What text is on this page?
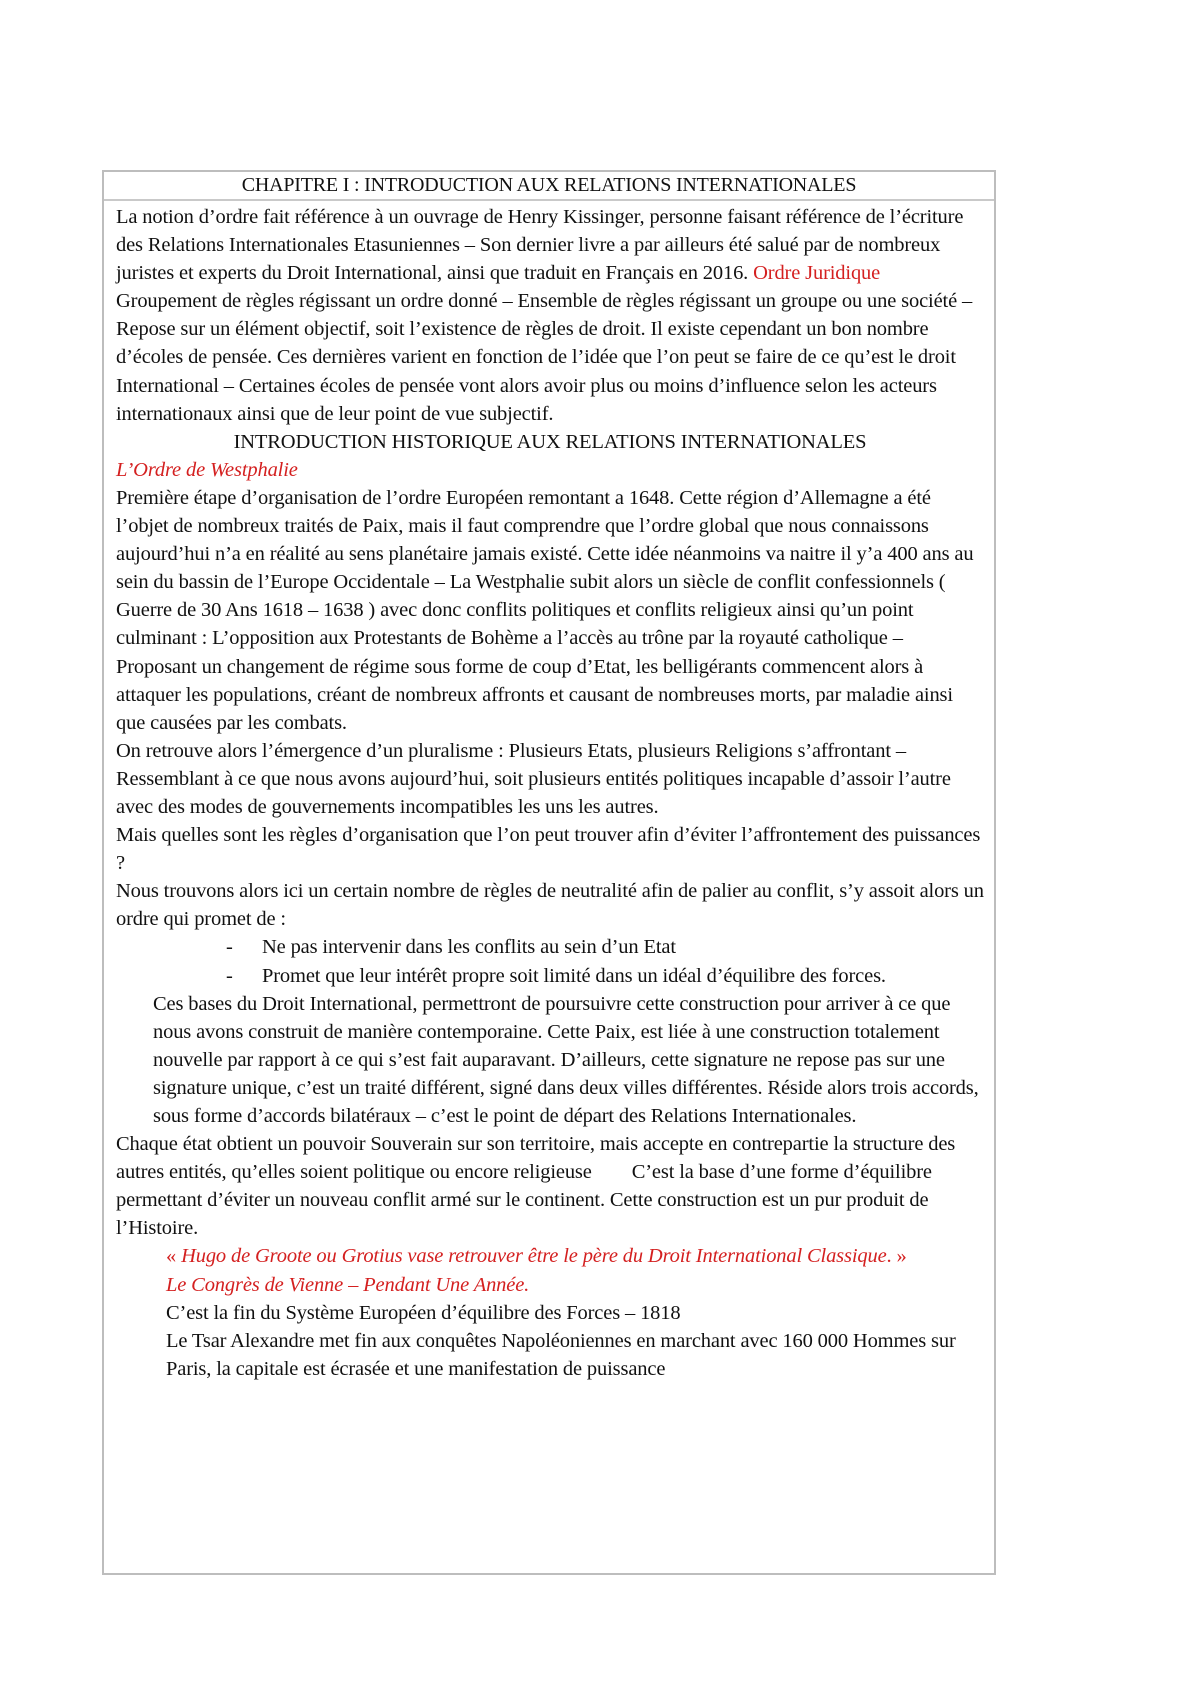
CHAPITRE I : INTRODUCTION AUX RELATIONS INTERNATIONALES

La notion d’ordre fait référence à un ouvrage de Henry Kissinger, personne faisant référence de l’écriture des Relations Internationales Etasuniennes – Son dernier livre a par ailleurs été salué par de nombreux juristes et experts du Droit International, ainsi que traduit en Français en 2016. Ordre JuridiqueGroupement de règles régissant un ordre donné – Ensemble de règles régissant un groupe ou une société – Repose sur un élément objectif, soit l’existence de règles de droit. Il existe cependant un bon nombre d’écoles de pensée. Ces dernières varient en fonction de l’idée que l’on peut se faire de ce qu’est le droit International – Certaines écoles de pensée vont alors avoir plus ou moins d’influence selon les acteurs internationaux ainsi que de leur point de vue subjectif.

INTRODUCTION HISTORIQUE AUX RELATIONS INTERNATIONALES

L’Ordre de Westphalie

Première étape d’organisation de l’ordre Européen remontant a 1648. Cette région d’Allemagne a été l’objet de nombreux traités de Paix, mais il faut comprendre que l’ordre global que nous connaissons aujourd’hui n’a en réalité au sens planétaire jamais existé. Cette idée néanmoins va naitre il y’a 400 ans au sein du bassin de l’Europe Occidentale – La Westphalie subit alors un siècle de conflit confessionnels ( Guerre de 30 Ans 1618 – 1638 ) avec donc conflits politiques et conflits religieux ainsi qu’un point culminant : L’opposition aux Protestants de Bohème a l’accès au trône par la royauté catholique – Proposant un changement de régime sous forme de coup d’Etat, les belligérants commencent alors à attaquer les populations, créant de nombreux affronts et causant de nombreuses morts, par maladie ainsi que causées par les combats.

On retrouve alors l’émergence d’un pluralisme : Plusieurs Etats, plusieurs Religions s’affrontant – Ressemblant à ce que nous avons aujourd’hui, soit plusieurs entités politiques incapable d’assoir l’autre avec des modes de gouvernements incompatibles les uns les autres.

Mais quelles sont les règles d’organisation que l’on peut trouver afin d’éviter l’affrontement des puissances ?

Nous trouvons alors ici un certain nombre de règles de neutralité afin de palier au conflit, s’y assoit alors un ordre qui promet de :

-	Ne pas intervenir dans les conflits au sein d’un Etat
-	Promet que leur intérêt propre soit limité dans un idéal d’équilibre des forces.

Ces bases du Droit International, permettront de poursuivre cette construction pour arriver à ce que nous avons construit de manière contemporaine. Cette Paix, est liée à une construction totalement nouvelle par rapport à ce qui s’est fait auparavant. D’ailleurs, cette signature ne repose pas sur une signature unique, c’est un traité différent, signé dans deux villes différentes. Réside alors trois accords, sous forme d’accords bilatéraux – c’est le point de départ des Relations Internationales.

Chaque état obtient un pouvoir Souverain sur son territoire, mais accepte en contrepartie la structure des autres entités, qu’elles soient politique ou encore religieuse C’est la base d’une forme d’équilibre permettant d’éviter un nouveau conflit armé sur le continent. Cette construction est un pur produit de l’Histoire.

« Hugo de Groote ou Grotius vase retrouver être le père du Droit International Classique. »

Le Congrès de Vienne – Pendant Une Année.

C’est la fin du Système Européen d’équilibre des Forces – 1818

Le Tsar Alexandre met fin aux conquêtes Napoléoniennes en marchant avec 160 000 Hommes sur Paris, la capitale est écrasée et une manifestation de puissance
